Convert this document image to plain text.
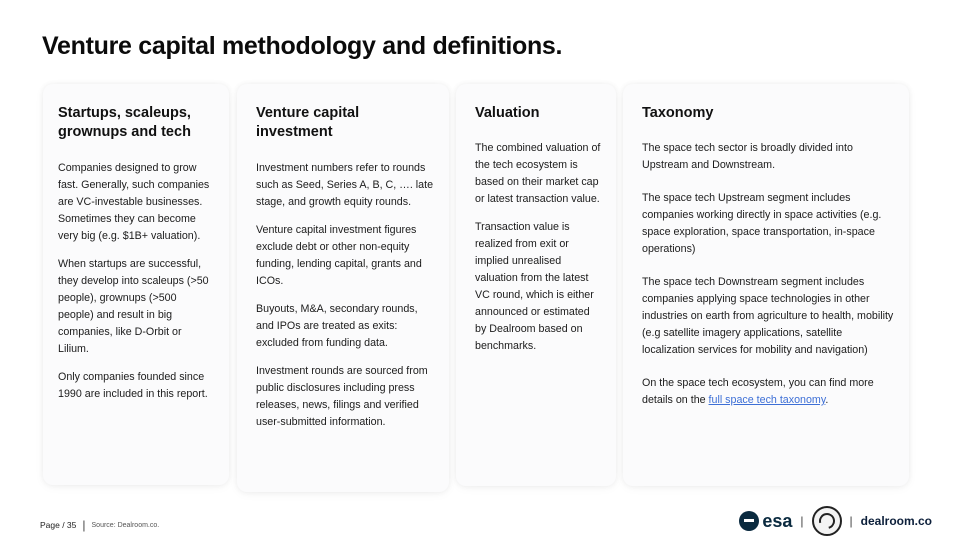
Venture capital methodology and definitions.
Startups, scaleups, grownups and tech

Companies designed to grow fast. Generally, such companies are VC-investable businesses. Sometimes they can become very big (e.g. $1B+ valuation).

When startups are successful, they develop into scaleups (>50 people), grownups (>500 people) and result in big companies, like D-Orbit or Lilium.

Only companies founded since 1990 are included in this report.

Venture capital investment

Investment numbers refer to rounds such as Seed, Series A, B, C, …. late stage, and growth equity rounds.

Venture capital investment figures exclude debt or other non-equity funding, lending capital, grants and ICOs.

Buyouts, M&A, secondary rounds, and IPOs are treated as exits: excluded from funding data.

Investment rounds are sourced from public disclosures including press releases, news, filings and verified user-submitted information.

Valuation

The combined valuation of the tech ecosystem is based on their market cap or latest transaction value.

Transaction value is realized from exit or implied unrealised valuation from the latest VC round, which is either announced or estimated by Dealroom based on benchmarks.

Taxonomy

The space tech sector is broadly divided into Upstream and Downstream.

The space tech Upstream segment includes companies working directly in space activities (e.g. space exploration, space transportation, in-space operations)

The space tech Downstream segment includes companies applying space technologies in other industries on earth from agriculture to health, mobility (e.g satellite imagery applications, satellite localization services for mobility and navigation)

On the space tech ecosystem, you can find more details on the full space tech taxonomy.

Page / 35 | Source: Dealroom.co.	esa |	| dealroom.co
